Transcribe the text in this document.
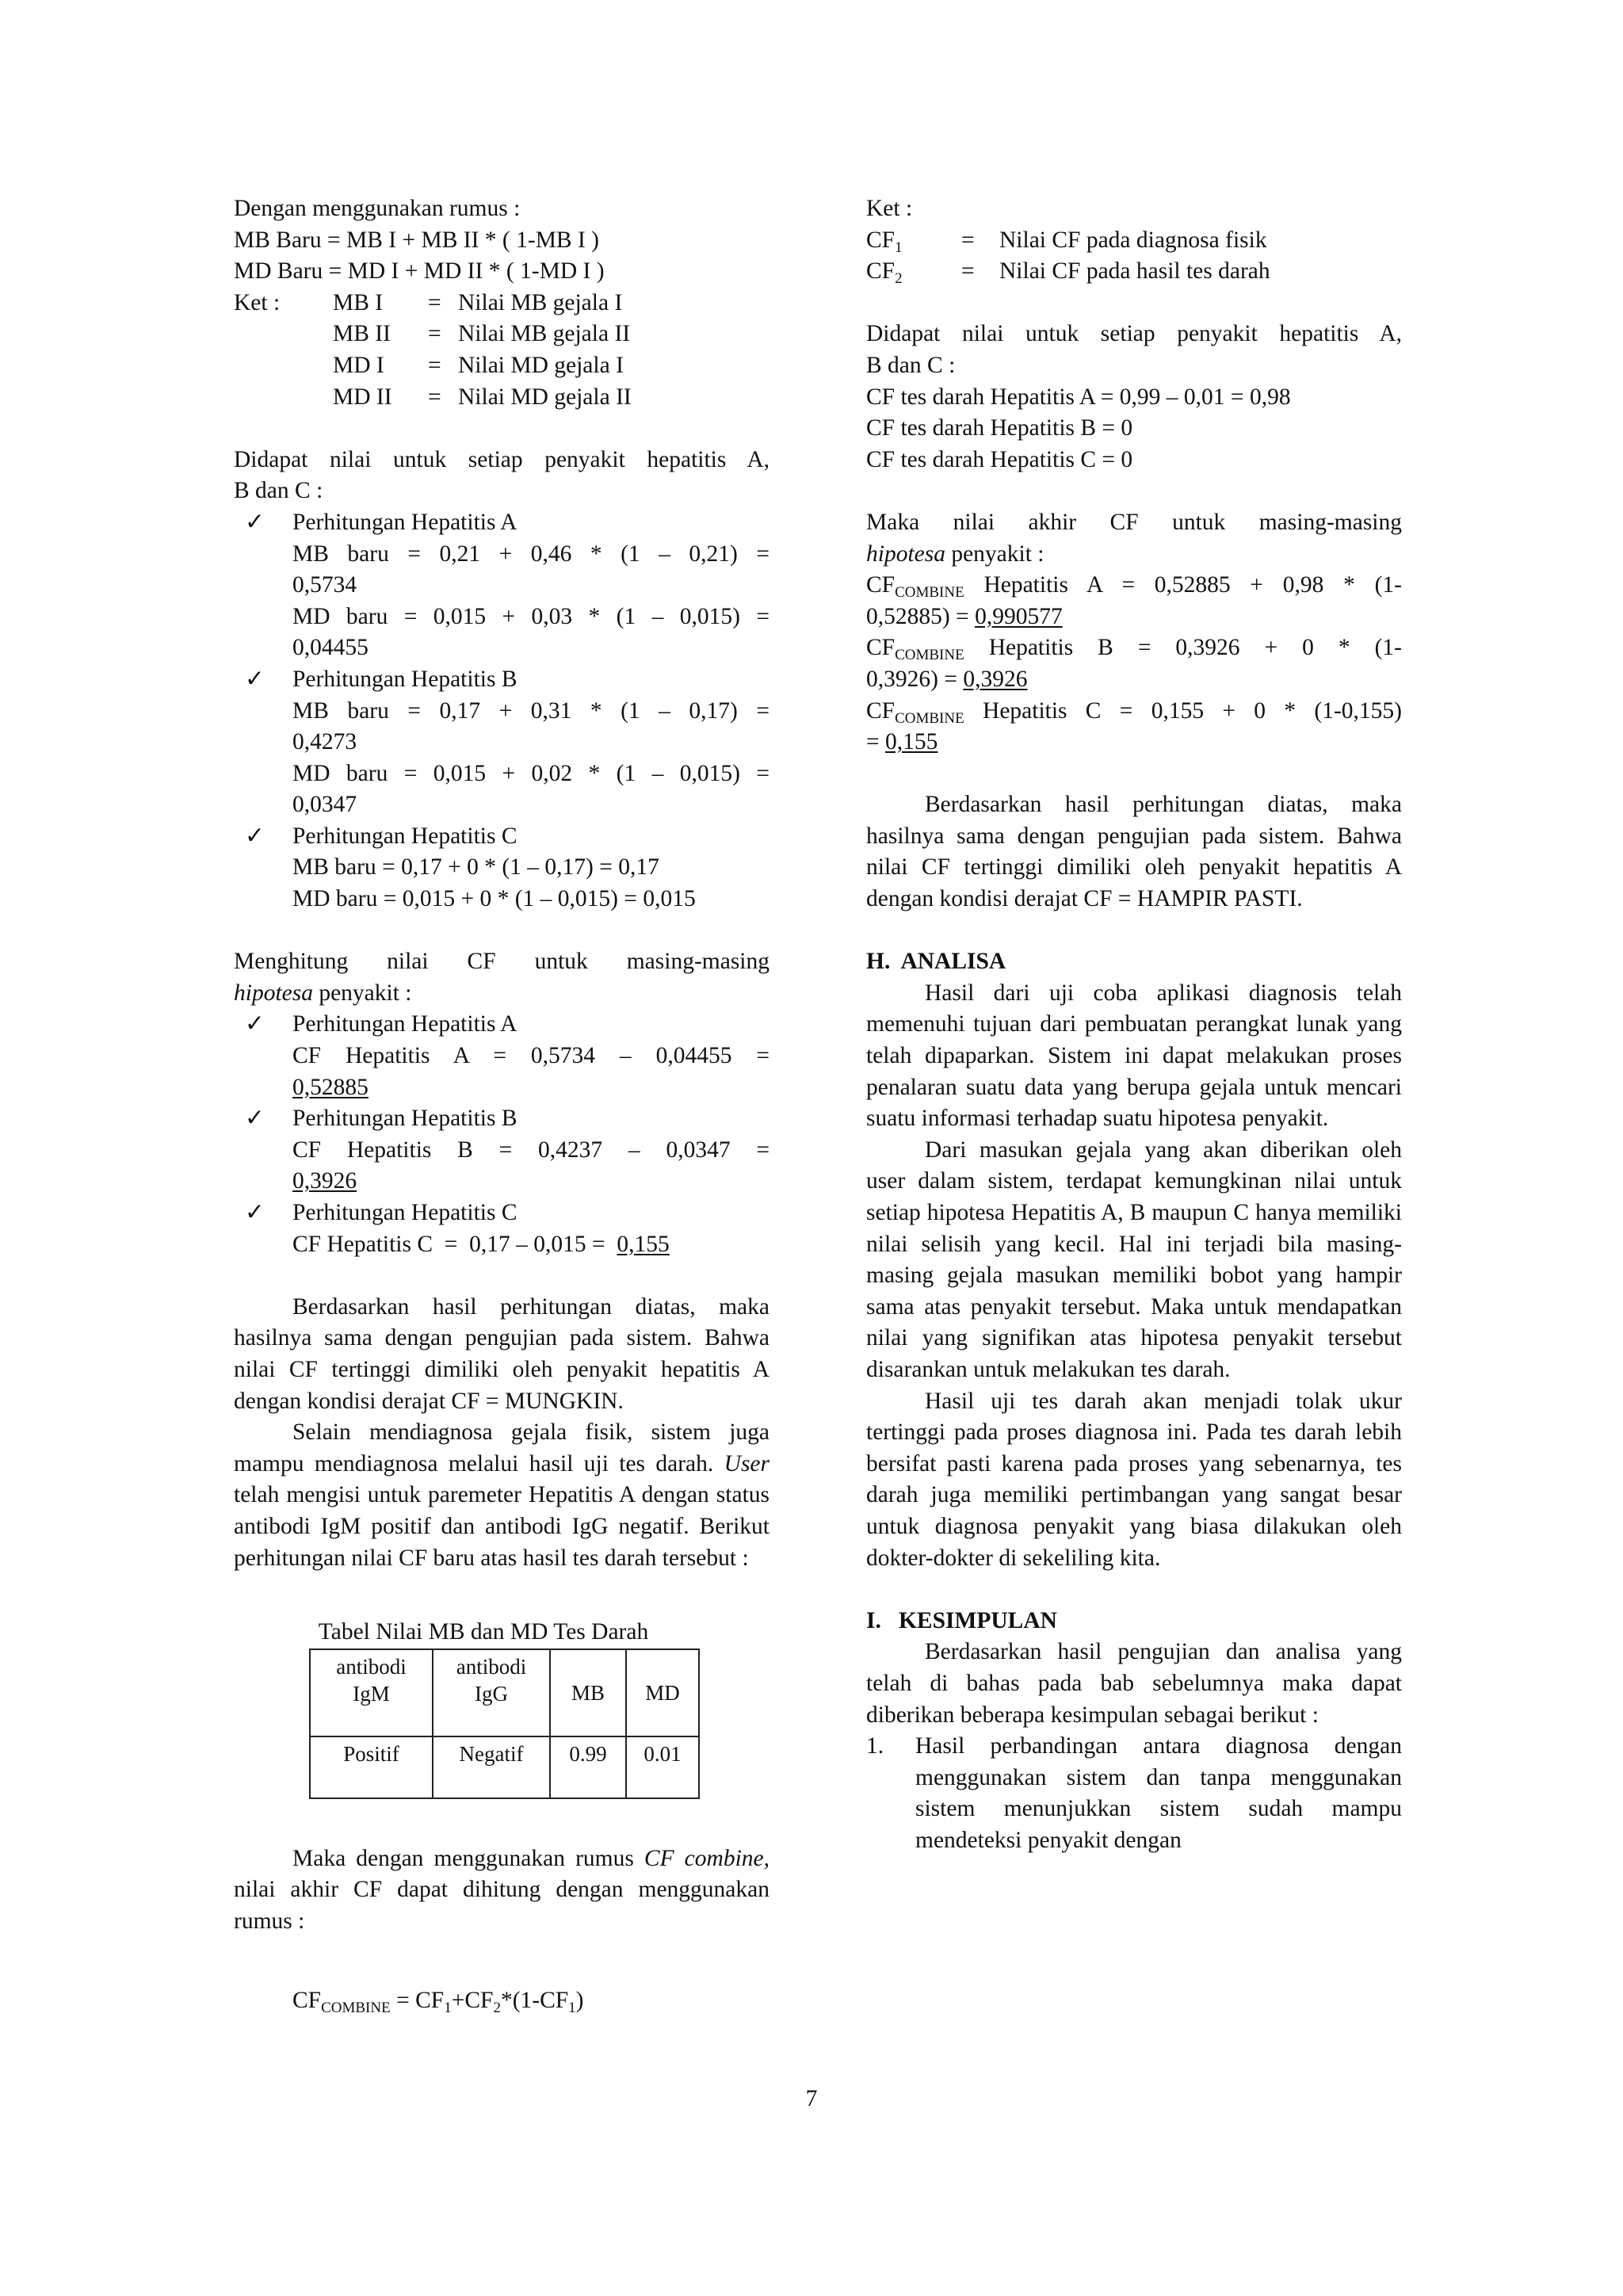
Dengan menggunakan rumus :

MB Baru = MB I + MB II * ( 1-MB I )

MD Baru = MD I + MD II * ( 1-MD I )

Ket :	MB I	= Nilai MB gejala I
MB II	= Nilai MB gejala II
MD I	= Nilai MD gejala I
MD II	= Nilai MD gejala II

Didapat nilai untuk setiap penyakit hepatitis A,

B dan C :

✓	Perhitungan Hepatitis A

MB baru = 0,21 + 0,46 * (1 – 0,21) =

0,5734

MD baru = 0,015 + 0,03 * (1 – 0,015) =

0,04455

✓	Perhitungan Hepatitis B

MB baru = 0,17 + 0,31 * (1 – 0,17) =

0,4273

MD baru = 0,015 + 0,02 * (1 – 0,015) =

0,0347

✓	Perhitungan Hepatitis C

MB baru = 0,17 + 0 * (1 – 0,17) = 0,17

MD baru = 0,015 + 0 * (1 – 0,015) = 0,015

Menghitung nilai CF untuk masing-masing

hipotesa penyakit :

✓	Perhitungan Hepatitis A

CF Hepatitis A = 0,5734 – 0,04455 =

0,52885

✓	Perhitungan Hepatitis B

CF Hepatitis B = 0,4237 – 0,0347 =

0,3926

✓	Perhitungan Hepatitis C

CF Hepatitis C  =  0,17 – 0,015 =  0,155

Berdasarkan hasil perhitungan diatas, maka hasilnya sama dengan pengujian pada sistem. Bahwa nilai CF tertinggi dimiliki oleh penyakit hepatitis A dengan kondisi derajat CF = MUNGKIN.

Selain mendiagnosa gejala fisik, sistem juga mampu mendiagnosa melalui hasil uji tes darah. User telah mengisi untuk paremeter Hepatitis A dengan status antibodi IgM positif dan antibodi IgG negatif. Berikut perhitungan nilai CF baru atas hasil tes darah tersebut :

Tabel Nilai MB dan MD Tes Darah

antibodi IgM	antibodi IgG	MB	MD
Positif	Negatif	0.99	0.01

Maka dengan menggunakan rumus CF combine, nilai akhir CF dapat dihitung dengan menggunakan rumus :

$CF_{COMBINE} = CF_1+CF_2*(1-CF_1)$

Ket :

$CF_1$	=	Nilai CF pada diagnosa fisik
$CF_2$	=	Nilai CF pada hasil tes darah

Didapat nilai untuk setiap penyakit hepatitis A,

B dan C :

CF tes darah Hepatitis A = 0,99 – 0,01 = 0,98

CF tes darah Hepatitis B = 0

CF tes darah Hepatitis C = 0

Maka nilai akhir CF untuk masing-masing

hipotesa penyakit :

$CF_{COMBINE}$ Hepatitis A = 0,52885 + 0,98 * (1-

0,52885) = 0,990577

$CF_{COMBINE}$ Hepatitis B = 0,3926 + 0 * (1-

0,3926) = 0,3926

$CF_{COMBINE}$ Hepatitis C = 0,155 + 0 * (1-0,155)

= 0,155

Berdasarkan hasil perhitungan diatas, maka hasilnya sama dengan pengujian pada sistem. Bahwa nilai CF tertinggi dimiliki oleh penyakit hepatitis A dengan kondisi derajat CF = HAMPIR PASTI.

H.  ANALISA

Hasil dari uji coba aplikasi diagnosis telah memenuhi tujuan dari pembuatan perangkat lunak yang telah dipaparkan. Sistem ini dapat melakukan proses penalaran suatu data yang berupa gejala untuk mencari suatu informasi terhadap suatu hipotesa penyakit.

Dari masukan gejala yang akan diberikan oleh user dalam sistem, terdapat kemungkinan nilai untuk setiap hipotesa Hepatitis A, B maupun C hanya memiliki nilai selisih yang kecil. Hal ini terjadi bila masing-masing gejala masukan memiliki bobot yang hampir sama atas penyakit tersebut. Maka untuk mendapatkan nilai yang signifikan atas hipotesa penyakit tersebut disarankan untuk melakukan tes darah.

Hasil uji tes darah akan menjadi tolak ukur tertinggi pada proses diagnosa ini. Pada tes darah lebih bersifat pasti karena pada proses yang sebenarnya, tes darah juga memiliki pertimbangan yang sangat besar untuk diagnosa penyakit yang biasa dilakukan oleh dokter-dokter di sekeliling kita.

I.   KESIMPULAN

Berdasarkan hasil pengujian dan analisa yang telah di bahas pada bab sebelumnya maka dapat diberikan beberapa kesimpulan sebagai berikut :

1.	Hasil perbandingan antara diagnosa dengan menggunakan sistem dan tanpa menggunakan sistem menunjukkan sistem sudah mampu mendeteksi penyakit dengan
7
